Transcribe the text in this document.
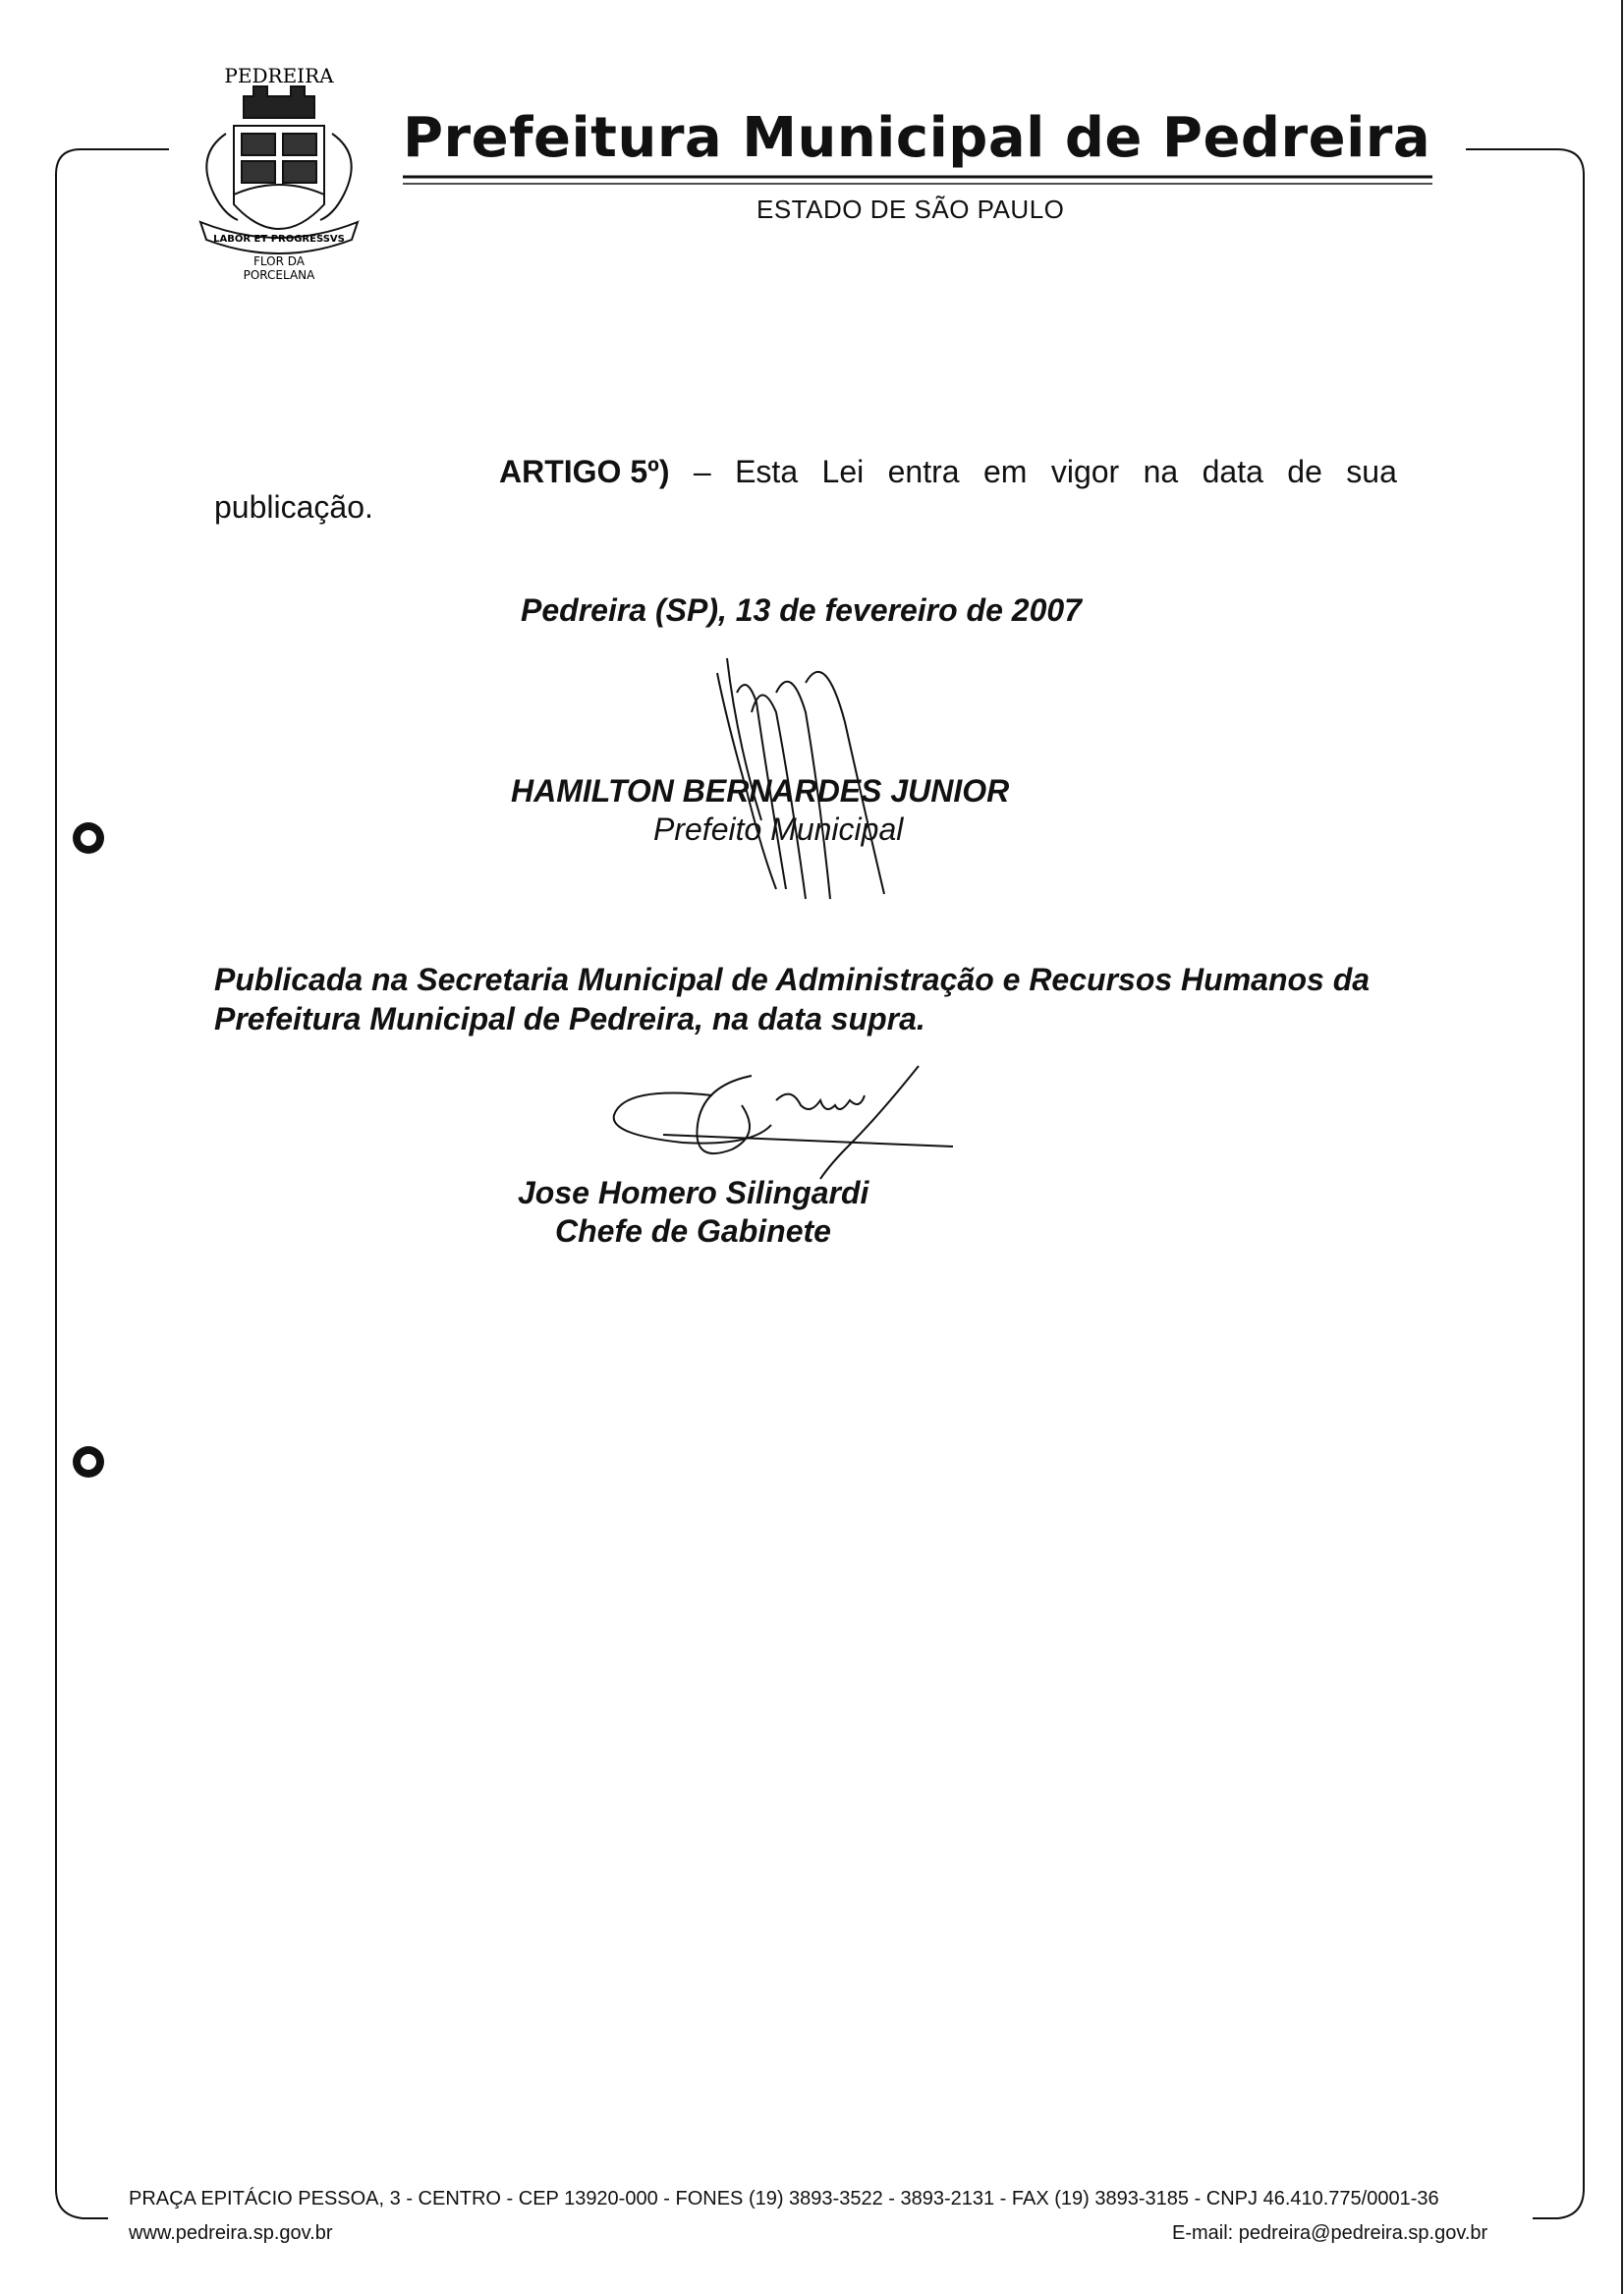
PEDREIRA
LABOR ET PROGRESSVS
FLOR DA
PORCELANA
Prefeitura Municipal de Pedreira
ESTADO DE SÃO PAULO
ARTIGO 5º) – Esta Lei entra em vigor na data de sua
publicação.
Pedreira (SP), 13 de fevereiro de 2007
HAMILTON BERNARDES JUNIOR
Prefeito Municipal
Publicada na Secretaria Municipal de Administração e Recursos Humanos da Prefeitura Municipal de Pedreira, na data supra.
Jose Homero Silingardi
Chefe de Gabinete
PRAÇA EPITÁCIO PESSOA, 3 - CENTRO - CEP 13920-000 - FONES (19) 3893-3522 - 3893-2131 - FAX (19) 3893-3185 - CNPJ 46.410.775/0001-36
www.pedreira.sp.gov.br	E-mail: pedreira@pedreira.sp.gov.br
